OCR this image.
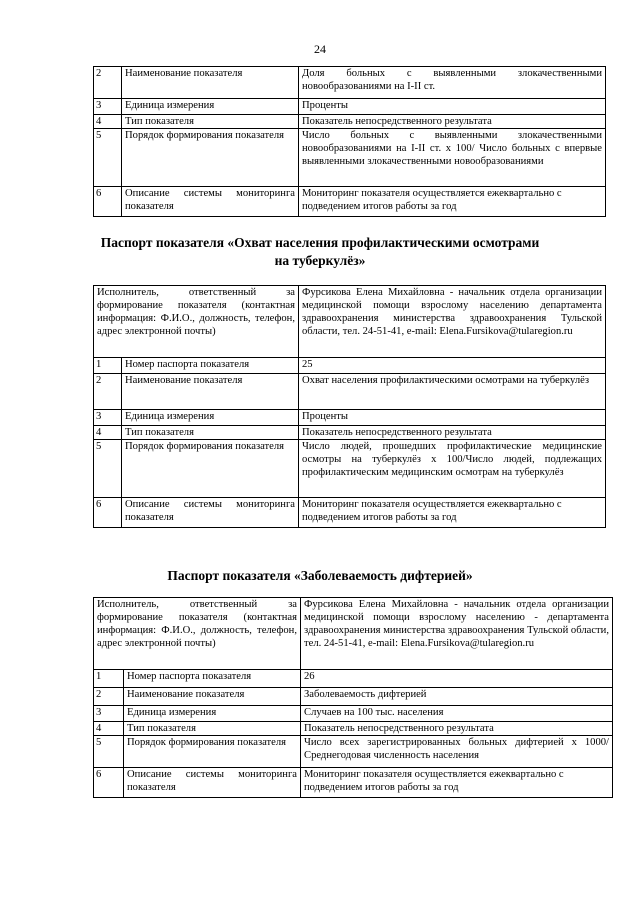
24
2	Наименование показателя	Доля больных с выявленными злокачественными новообразованиями на I-II ст.
3	Единица измерения	Проценты
4	Тип показателя	Показатель непосредственного результата
5	Порядок формирования показателя	Число больных с выявленными злокачественными новообразованиями на I-II ст. x 100/ Число больных с впервые выявленными злокачественными новообразованиями
6	Описание системы мониторинга показателя	Мониторинг показателя осуществляется ежеквартально с подведением итогов работы за год
Паспорт показателя «Охват населения профилактическими осмотрами
на туберкулёз»
Исполнитель, ответственный за формирование показателя (контактная информация: Ф.И.О., должность, телефон, адрес электронной почты)		Фурсикова Елена Михайловна - начальник отдела организации медицинской помощи взрослому населению департамента здравоохранения министерства здравоохранения Тульской области, тел. 24-51-41, e-mail: Elena.Fursikova@tularegion.ru
1	Номер паспорта показателя	25
2	Наименование показателя	Охват населения профилактическими осмотрами на туберкулёз
3	Единица измерения	Проценты
4	Тип показателя	Показатель непосредственного результата
5	Порядок формирования показателя	Число людей, прошедших профилактические медицинские осмотры на туберкулёз x 100/Число людей, подлежащих профилактическим медицинским осмотрам на туберкулёз
6	Описание системы мониторинга показателя	Мониторинг показателя осуществляется ежеквартально с подведением итогов работы за год
Паспорт показателя «Заболеваемость дифтерией»
Исполнитель, ответственный за формирование показателя (контактная информация: Ф.И.О., должность, телефон, адрес электронной почты)		Фурсикова Елена Михайловна - начальник отдела организации медицинской помощи взрослому населению - департамента здравоохранения министерства здравоохранения Тульской области, тел. 24-51-41, e-mail: Elena.Fursikova@tularegion.ru
1	Номер паспорта показателя	26
2	Наименование показателя	Заболеваемость дифтерией
3	Единица измерения	Случаев на 100 тыс. населения
4	Тип показателя	Показатель непосредственного результата
5	Порядок формирования показателя	Число всех зарегистрированных больных дифтерией x 1000/Среднегодовая численность населения
6	Описание системы мониторинга показателя	Мониторинг показателя осуществляется ежеквартально с подведением итогов работы за год
